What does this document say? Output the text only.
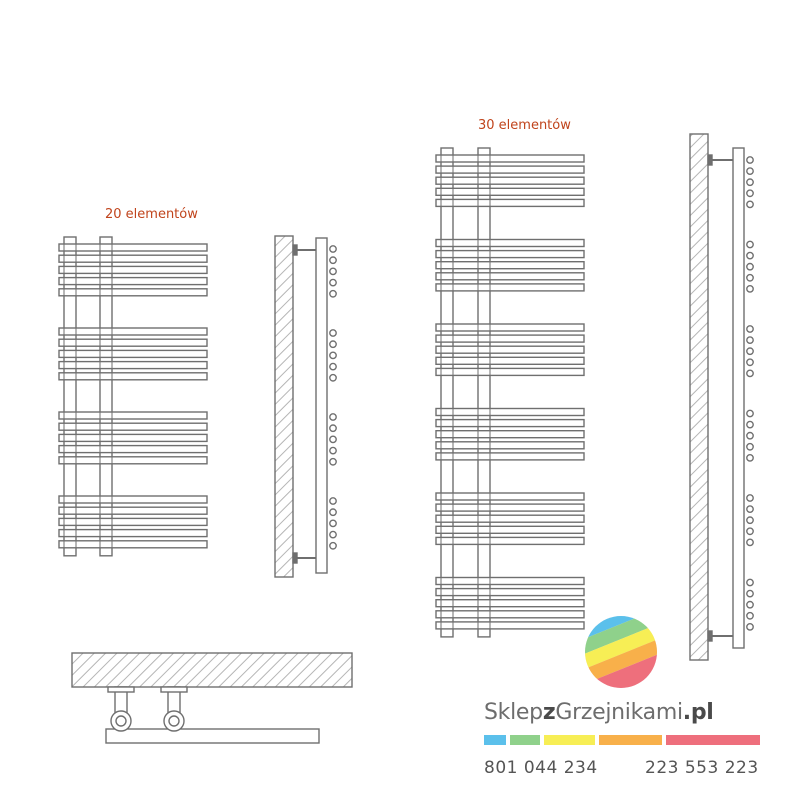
20 elementów
30 elementów
SklepzGrzejnikami.pl
801 044 234	223 553 223
